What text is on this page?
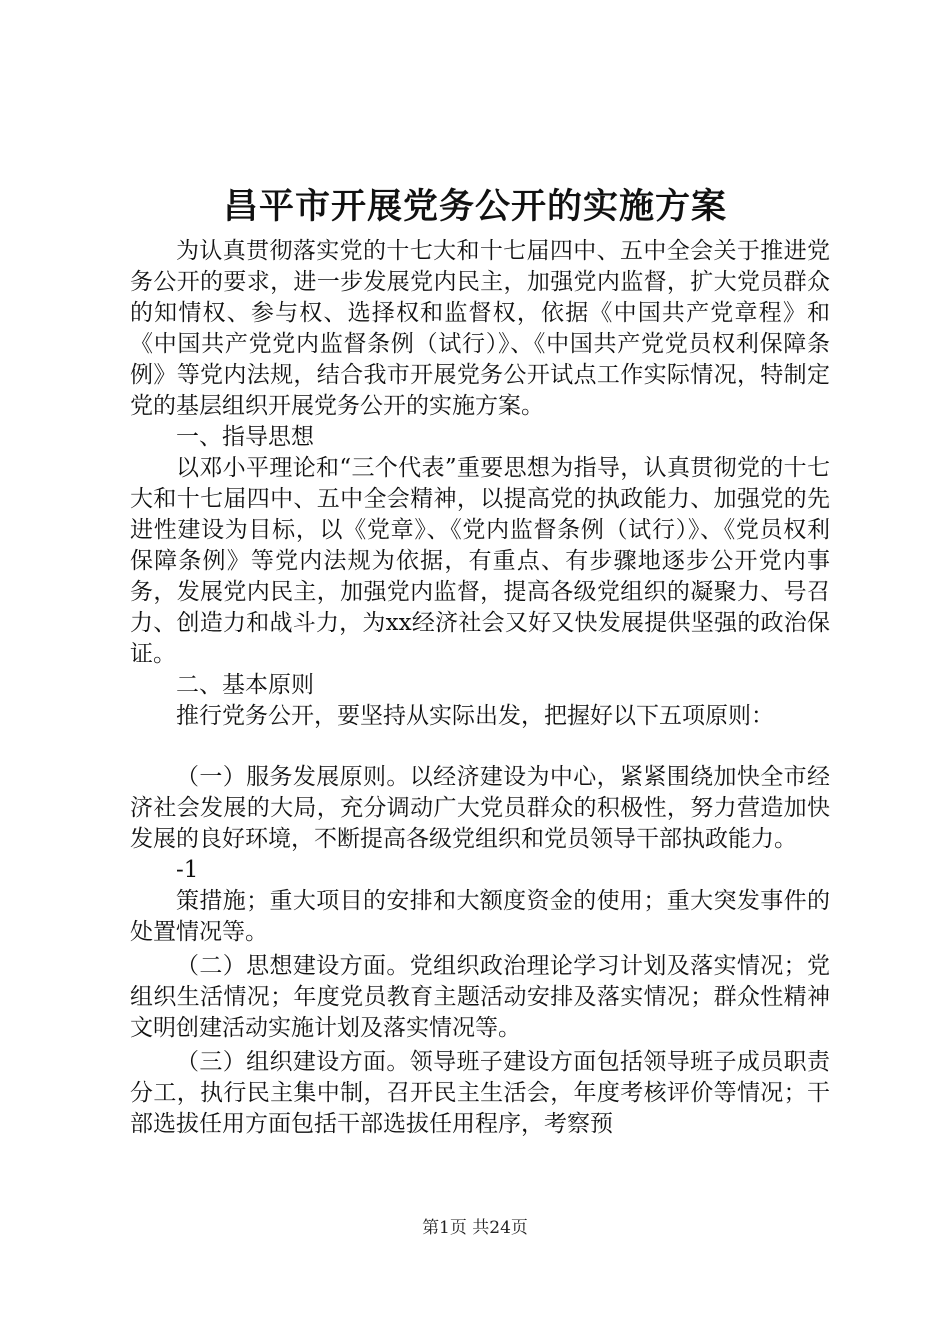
昌平市开展党务公开的实施方案

为认真贯彻落实党的十七大和十七届四中、五中全会关于推进党务公开的要求，进一步发展党内民主，加强党内监督，扩大党员群众的知情权、参与权、选择权和监督权，依据《中国共产党章程》和《中国共产党党内监督条例（试行）》、《中国共产党党员权利保障条例》等党内法规，结合我市开展党务公开试点工作实际情况，特制定党的基层组织开展党务公开的实施方案。

一、指导思想

以邓小平理论和“三个代表”重要思想为指导，认真贯彻党的十七大和十七届四中、五中全会精神，以提高党的执政能力、加强党的先进性建设为目标，以《党章》、《党内监督条例（试行）》、《党员权利保障条例》等党内法规为依据，有重点、有步骤地逐步公开党内事务，发展党内民主，加强党内监督，提高各级党组织的凝聚力、号召力、创造力和战斗力，为xx经济社会又好又快发展提供坚强的政治保证。

二、基本原则

推行党务公开，要坚持从实际出发，把握好以下五项原则：

（一）服务发展原则。以经济建设为中心，紧紧围绕加快全市经济社会发展的大局，充分调动广大党员群众的积极性，努力营造加快发展的良好环境，不断提高各级党组织和党员领导干部执政能力。

-1

策措施；重大项目的安排和大额度资金的使用；重大突发事件的处置情况等。

（二）思想建设方面。党组织政治理论学习计划及落实情况；党组织生活情况；年度党员教育主题活动安排及落实情况；群众性精神文明创建活动实施计划及落实情况等。

（三）组织建设方面。领导班子建设方面包括领导班子成员职责分工，执行民主集中制，召开民主生活会，年度考核评价等情况；干部选拔任用方面包括干部选拔任用程序，考察预

第1页 共24页
